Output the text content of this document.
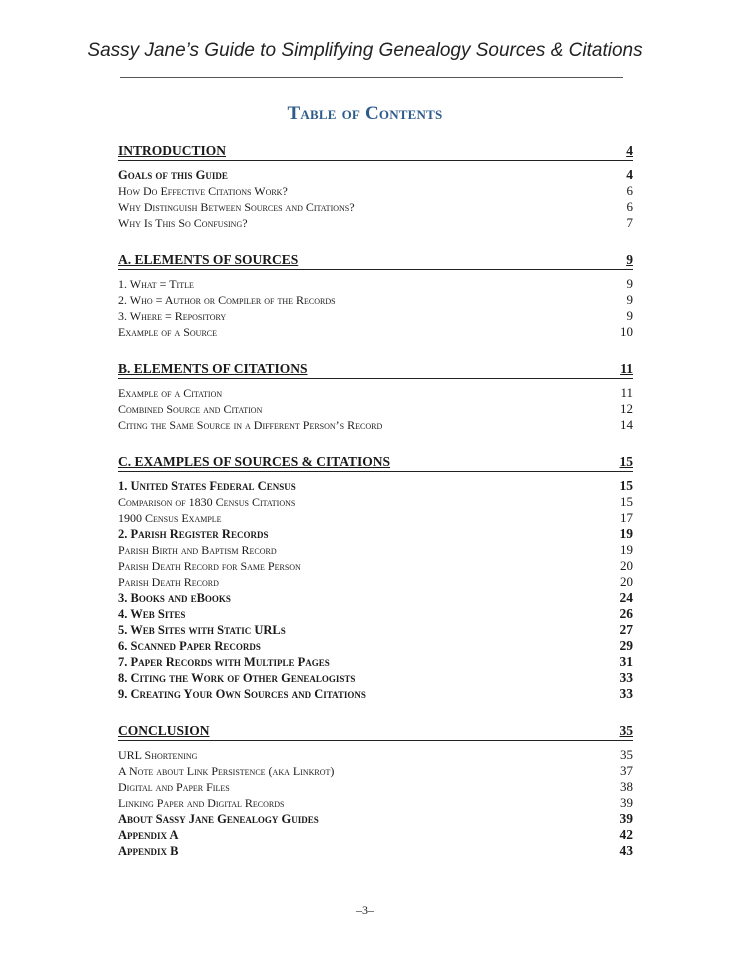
Sassy Jane’s Guide to Simplifying Genealogy Sources & Citations
Table of Contents
INTRODUCTION	4
Goals of this Guide	4
How Do Effective Citations Work?	6
Why Distinguish Between Sources and Citations?	6
Why Is This So Confusing?	7
A. ELEMENTS OF SOURCES	9
1. What = Title	9
2. Who = Author or Compiler of the Records	9
3. Where = Repository	9
Example of a Source	10
B. ELEMENTS OF CITATIONS	11
Example of a Citation	11
Combined Source and Citation	12
Citing the Same Source in a Different Person’s Record	14
C. EXAMPLES OF SOURCES & CITATIONS	15
1. United States Federal Census	15
Comparison of 1830 Census Citations	15
1900 Census Example	17
2. Parish Register Records	19
Parish Birth and Baptism Record	19
Parish Death Record for Same Person	20
Parish Death Record	20
3. Books and eBooks	24
4. Web Sites	26
5. Web Sites with Static URLs	27
6. Scanned Paper Records	29
7. Paper Records with Multiple Pages	31
8. Citing the Work of Other Genealogists	33
9. Creating Your Own Sources and Citations	33
CONCLUSION	35
URL Shortening	35
A Note about Link Persistence (aka Linkrot)	37
Digital and Paper Files	38
Linking Paper and Digital Records	39
About Sassy Jane Genealogy Guides	39
Appendix A	42
Appendix B	43
–3–
